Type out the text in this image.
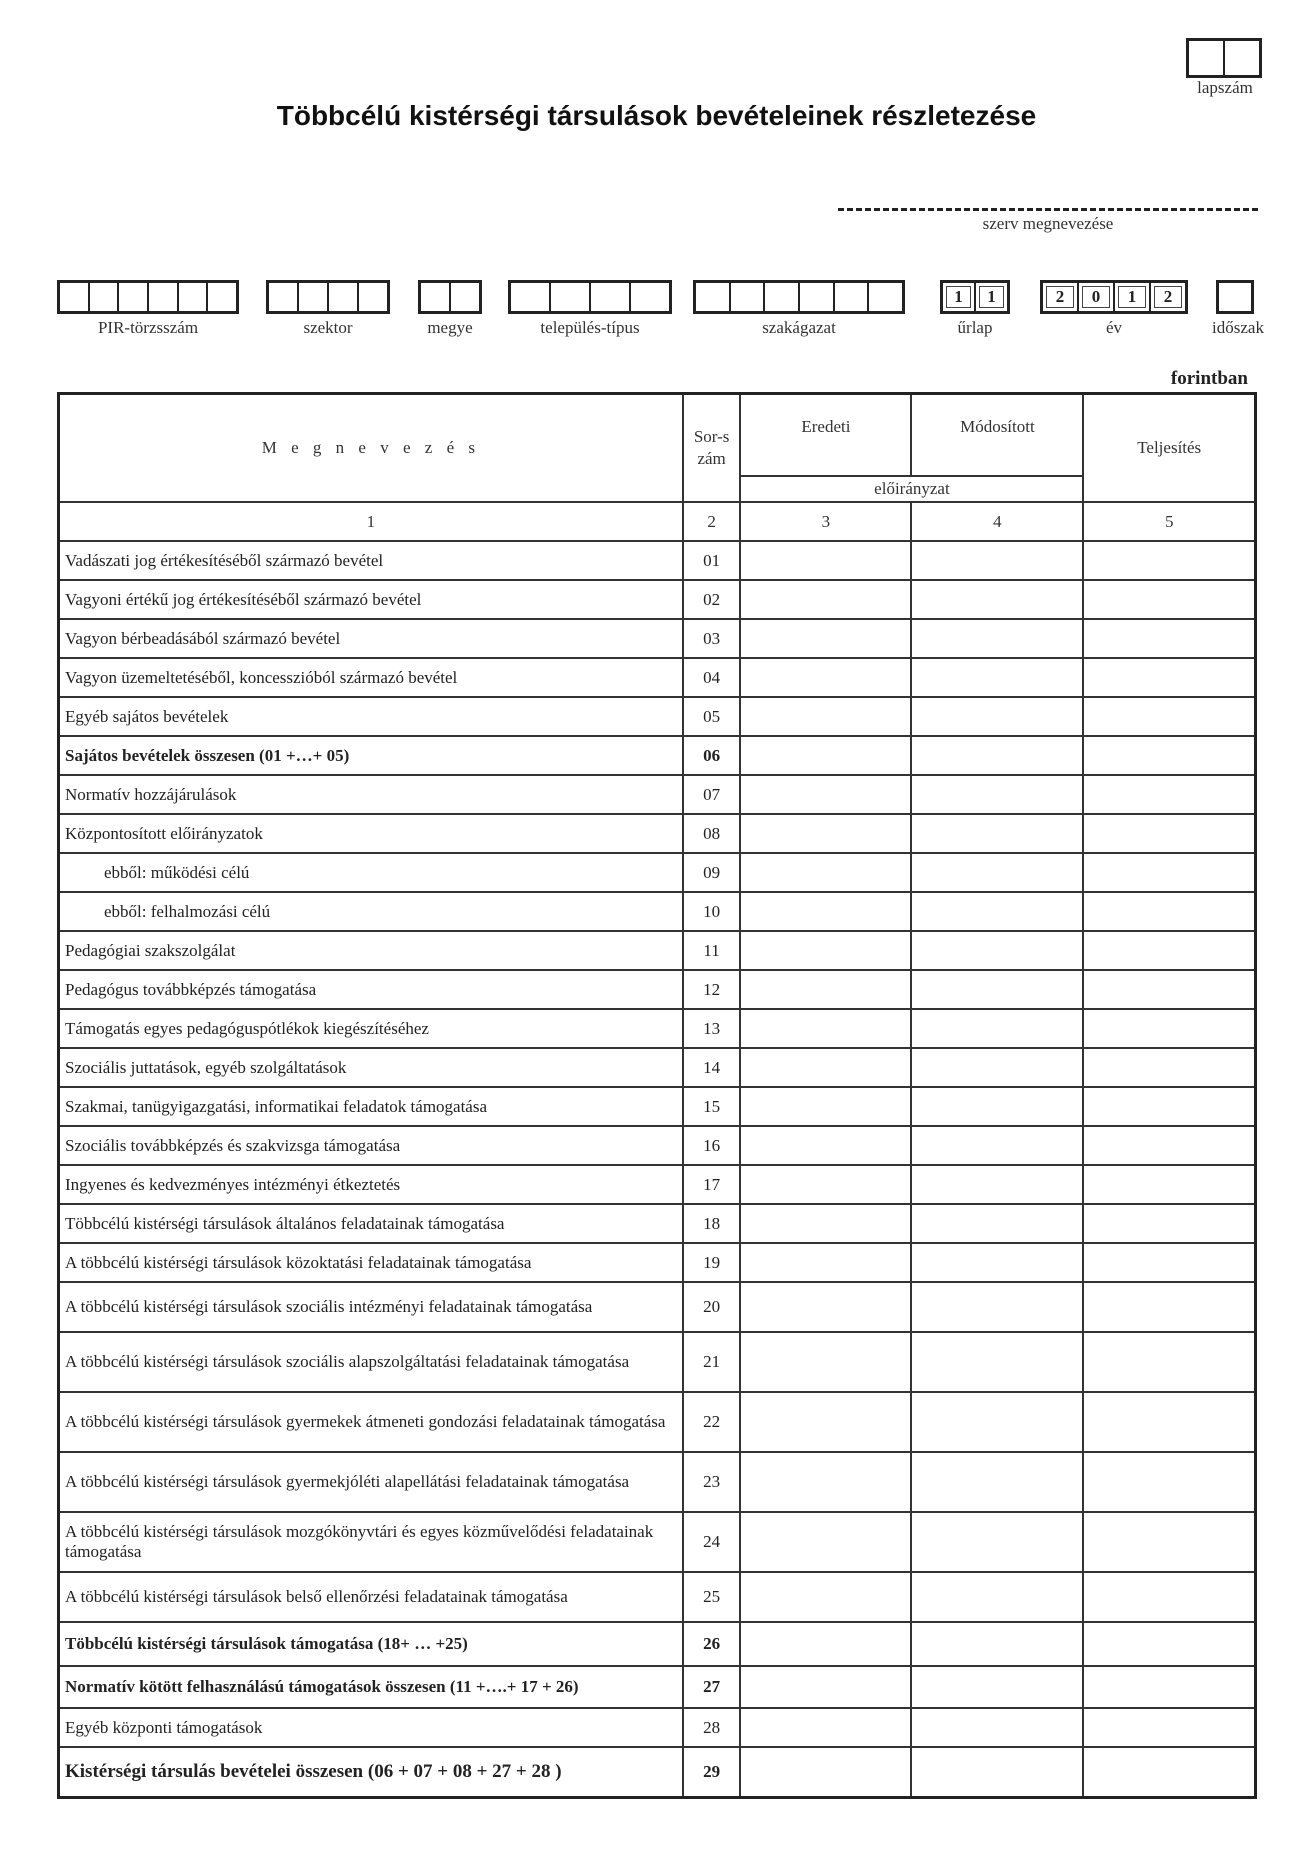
lapszám
Többcélú kistérségi társulások bevételeinek részletezése
szerv megnevezése
PIR-törzsszám	szektor	megye	település-típus	szakágazat
1	1
űrlap
2	0	1	2
év	időszak
forintban
M e g n e v e z é s	Sor-szám	Eredeti	Módosított	Teljesítés
		előirányzat		
1	2	3	4	5
Vadászati jog értékesítéséből származó bevétel	01			
Vagyoni értékű jog értékesítéséből származó bevétel	02			
Vagyon bérbeadásából származó bevétel	03			
Vagyon üzemeltetéséből, koncesszióból származó bevétel	04			
Egyéb sajátos bevételek	05			
Sajátos bevételek összesen (01 +…+ 05)	06			
Normatív hozzájárulások	07			
Központosított előirányzatok	08			
ebből: működési célú	09			
ebből: felhalmozási célú	10			
Pedagógiai szakszolgálat	11			
Pedagógus továbbképzés támogatása	12			
Támogatás egyes pedagóguspótlékok kiegészítéséhez	13			
Szociális juttatások, egyéb szolgáltatások	14			
Szakmai, tanügyigazgatási, informatikai feladatok támogatása	15			
Szociális továbbképzés és szakvizsga támogatása	16			
Ingyenes és kedvezményes intézményi étkeztetés	17			
Többcélú kistérségi társulások általános feladatainak támogatása	18			
A többcélú kistérségi társulások közoktatási feladatainak támogatása	19			
A többcélú kistérségi társulások szociális intézményi feladatainak támogatása	20			
A többcélú kistérségi társulások szociális alapszolgáltatási feladatainak támogatása	21			
A többcélú kistérségi társulások gyermekek átmeneti gondozási feladatainak támogatása	22			
A többcélú kistérségi társulások gyermekjóléti alapellátási feladatainak támogatása	23			
A többcélú kistérségi társulások mozgókönyvtári és egyes közművelődési feladatainak támogatása	24			
A többcélú kistérségi társulások belső ellenőrzési feladatainak támogatása	25			
Többcélú kistérségi társulások támogatása (18+ … +25)	26			
Normatív kötött felhasználású támogatások összesen (11 +….+ 17 + 26)	27			
Egyéb központi támogatások	28			
Kistérségi társulás bevételei összesen (06 + 07 + 08 + 27 + 28 )	29			
